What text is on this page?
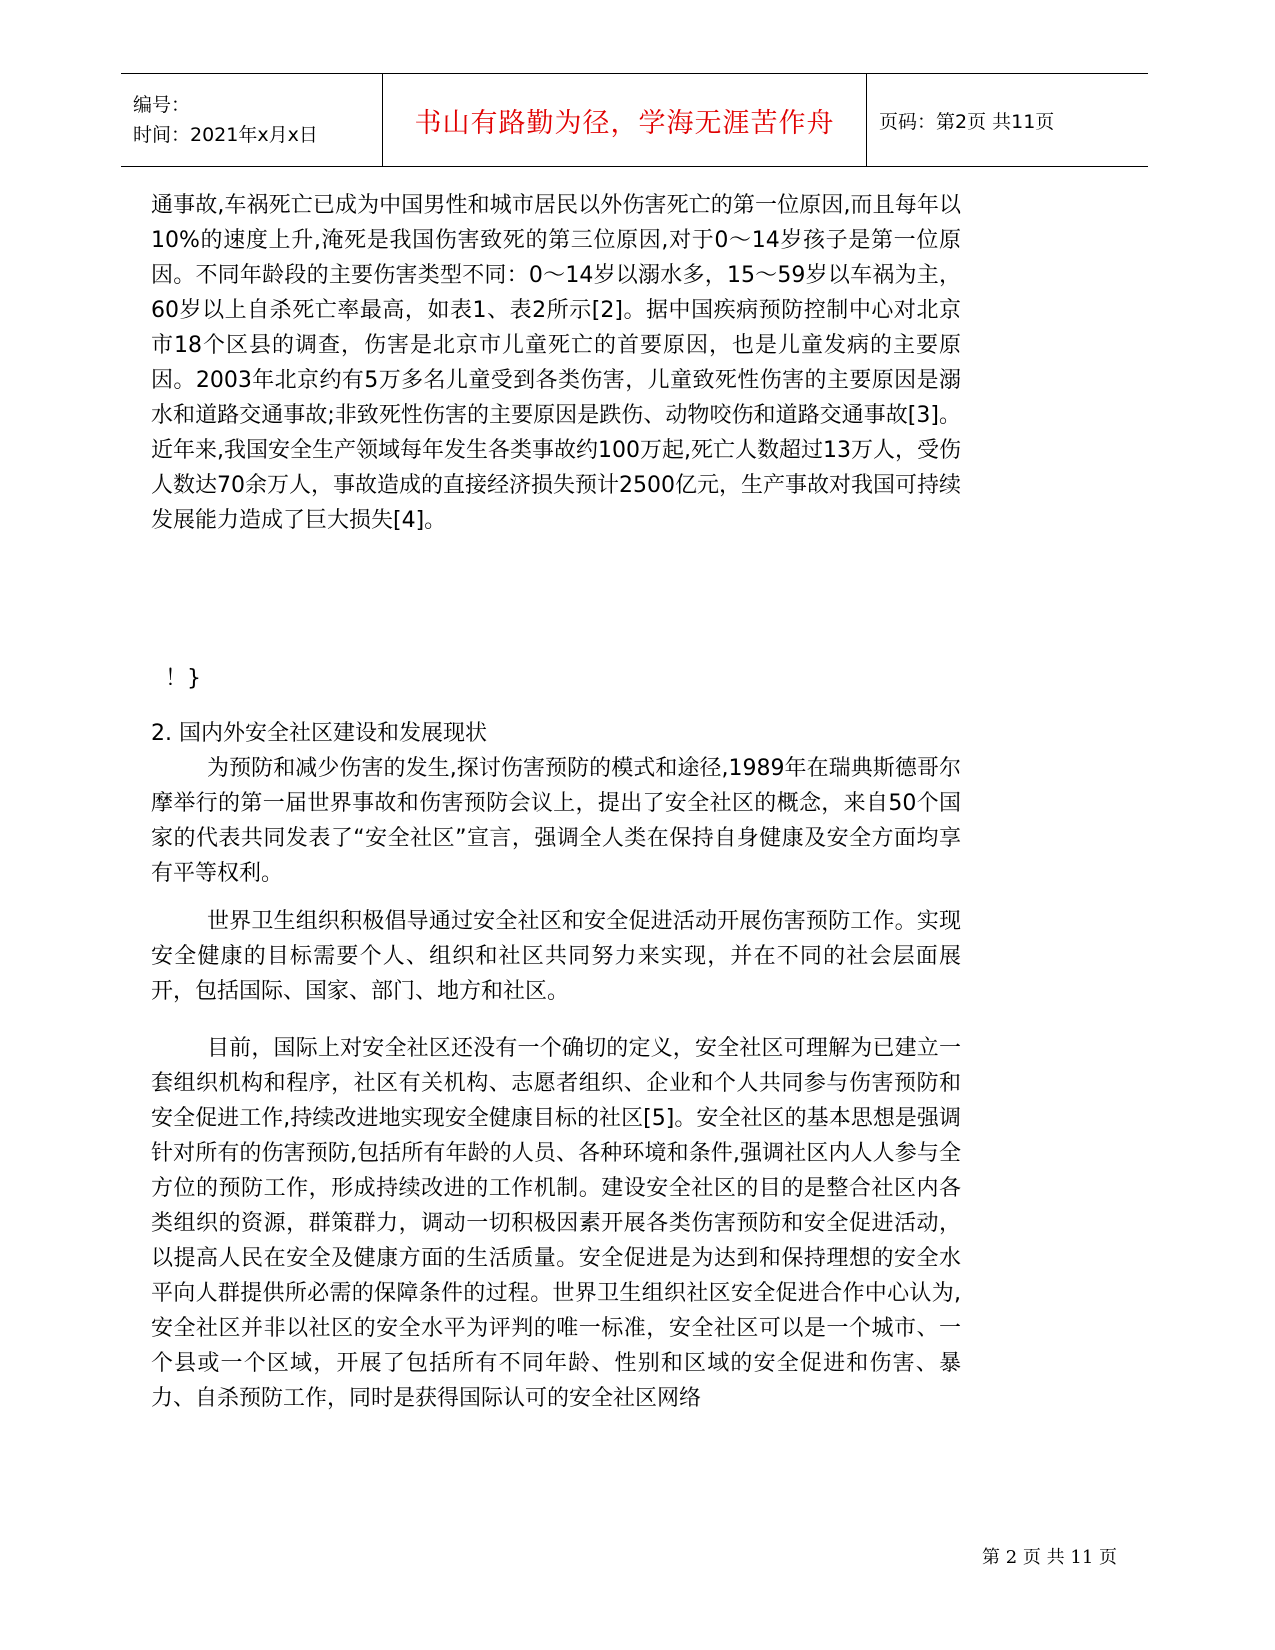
编号：
时间：2021年x月x日	书山有路勤为径，学海无涯苦作舟	页码：第2页 共11页

通事故,车祸死亡已成为中国男性和城市居民以外伤害死亡的第一位原因,而且每年以10%的速度上升,淹死是我国伤害致死的第三位原因,对于0～14岁孩子是第一位原因。不同年龄段的主要伤害类型不同：0～14岁以溺水多，15～59岁以车祸为主，60岁以上自杀死亡率最高，如表1、表2所示[2]。据中国疾病预防控制中心对北京市18个区县的调查，伤害是北京市儿童死亡的首要原因，也是儿童发病的主要原因。2003年北京约有5万多名儿童受到各类伤害，儿童致死性伤害的主要原因是溺水和道路交通事故;非致死性伤害的主要原因是跌伤、动物咬伤和道路交通事故[3]。近年来,我国安全生产领域每年发生各类事故约100万起,死亡人数超过13万人，受伤人数达70余万人，事故造成的直接经济损失预计2500亿元，生产事故对我国可持续发展能力造成了巨大损失[4]。

！}
2. 国内外安全社区建设和发展现状

为预防和减少伤害的发生,探讨伤害预防的模式和途径,1989年在瑞典斯德哥尔摩举行的第一届世界事故和伤害预防会议上，提出了安全社区的概念，来自50个国家的代表共同发表了“安全社区”宣言，强调全人类在保持自身健康及安全方面均享有平等权利。

世界卫生组织积极倡导通过安全社区和安全促进活动开展伤害预防工作。实现安全健康的目标需要个人、组织和社区共同努力来实现，并在不同的社会层面展开，包括国际、国家、部门、地方和社区。

目前，国际上对安全社区还没有一个确切的定义，安全社区可理解为已建立一套组织机构和程序，社区有关机构、志愿者组织、企业和个人共同参与伤害预防和安全促进工作,持续改进地实现安全健康目标的社区[5]。安全社区的基本思想是强调针对所有的伤害预防,包括所有年龄的人员、各种环境和条件,强调社区内人人参与全方位的预防工作，形成持续改进的工作机制。建设安全社区的目的是整合社区内各类组织的资源，群策群力，调动一切积极因素开展各类伤害预防和安全促进活动，以提高人民在安全及健康方面的生活质量。安全促进是为达到和保持理想的安全水平向人群提供所必需的保障条件的过程。世界卫生组织社区安全促进合作中心认为,安全社区并非以社区的安全水平为评判的唯一标准，安全社区可以是一个城市、一个县或一个区域，开展了包括所有不同年龄、性别和区域的安全促进和伤害、暴力、自杀预防工作，同时是获得国际认可的安全社区网络

第 2 页 共 11 页
